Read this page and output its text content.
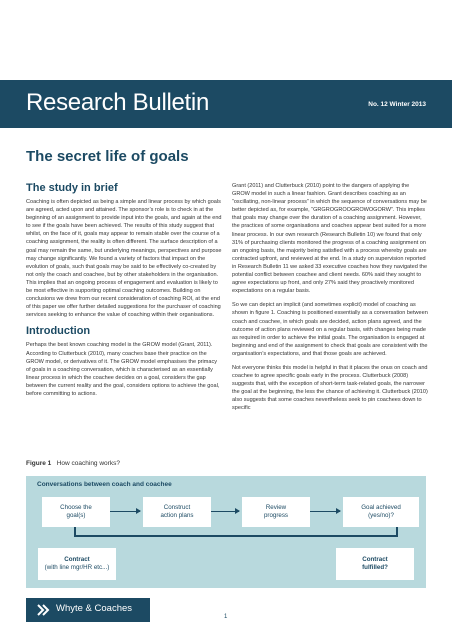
Research Bulletin	No. 12 Winter 2013
The secret life of goals
The study in brief

Coaching is often depicted as being a simple and linear process by which goals are agreed, acted upon and attained. The sponsor’s role is to check in at the beginning of an assignment to provide input into the goals, and again at the end to see if the goals have been achieved. The results of this study suggest that whilst, on the face of it, goals may appear to remain stable over the course of a coaching assignment, the reality is often different. The surface description of a goal may remain the same, but underlying meanings, perspectives and purpose may change significantly. We found a variety of factors that impact on the evolution of goals, such that goals may be said to be effectively co-created by not only the coach and coachee, but by other stakeholders in the organisation. This implies that an ongoing process of engagement and evaluation is likely to be most effective in supporting optimal coaching outcomes. Building on conclusions we drew from our recent consideration of coaching ROI, at the end of this paper we offer further detailed suggestions for the purchaser of coaching services seeking to enhance the value of coaching within their organisations.

Introduction

Perhaps the best known coaching model is the GROW model (Grant, 2011). According to Clutterbuck (2010), many coaches base their practice on the GROW model, or derivatives of it. The GROW model emphasises the primacy of goals in a coaching conversation, which is characterised as an essentially linear process in which the coachee decides on a goal, considers the gap between the current reality and the goal, considers options to achieve the goal, before committing to actions.

Grant (2011) and Clutterbuck (2010) point to the dangers of applying the GROW model in such a linear fashion. Grant describes coaching as an “oscillating, non-linear process” in which the sequence of conversations may be better depicted as, for example, “GRGROGROOGROWOGORW”. This implies that goals may change over the duration of a coaching assignment. However, the practices of some organisations and coaches appear best suited for a more linear process. In our own research (Research Bulletin 10) we found that only 31% of purchasing clients monitored the progress of a coaching assignment on an ongoing basis, the majority being satisfied with a process whereby goals are contracted upfront, and reviewed at the end. In a study on supervision reported in Research Bulletin 11 we asked 33 executive coaches how they navigated the potential conflict between coachee and client needs. 60% said they sought to agree expectations up front, and only 27% said they proactively monitored expectations on a regular basis.

So we can depict an implicit (and sometimes explicit) model of coaching as shown in figure 1. Coaching is positioned essentially as a conversation between coach and coachee, in which goals are decided, action plans agreed, and the outcome of action plans reviewed on a regular basis, with changes being made as required in order to achieve the initial goals. The organisation is engaged at beginning and end of the assignment to check that goals are consistent with the organisation’s expectations, and that those goals are achieved.

Not everyone thinks this model is helpful in that it places the onus on coach and coachee to agree specific goals early in the process. Clutterbuck (2008) suggests that, with the exception of short-term task-related goals, the narrower the goal at the beginning, the less the chance of achieving it. Clutterbuck (2010) also suggests that some coaches nevertheless seek to pin coachees down to specific

Figure 1 How coaching works?
Conversations between coach and coachee
Choose the
goal(s)
Construct
action plans
Review
progress
Goal achieved
(yes/no)?
Contract
(with line mgr/HR etc...)
Contract
fulfilled?
Whyte & Coaches
1
